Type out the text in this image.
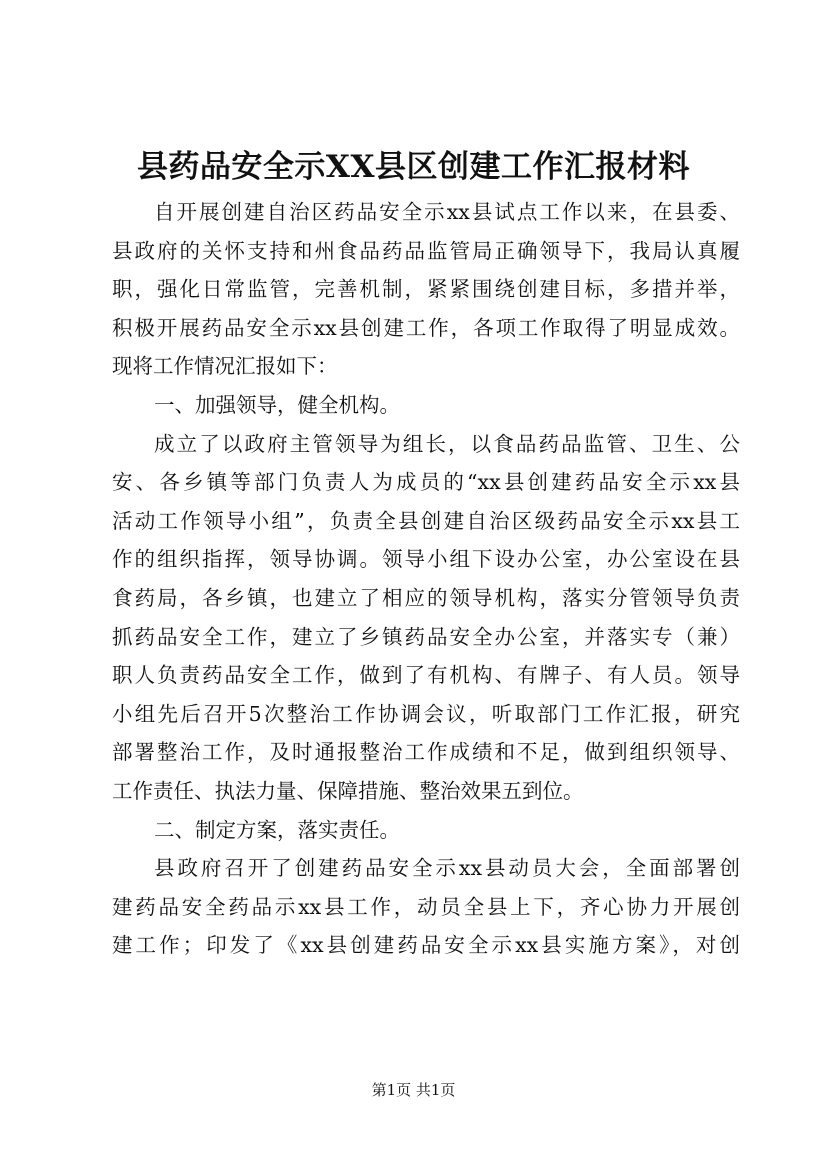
县药品安全示XX县区创建工作汇报材料
自开展创建自治区药品安全示xx县试点工作以来，在县委、
县政府的关怀支持和州食品药品监管局正确领导下，我局认真履
职，强化日常监管，完善机制，紧紧围绕创建目标，多措并举，
积极开展药品安全示xx县创建工作，各项工作取得了明显成效。
现将工作情况汇报如下：
一、加强领导，健全机构。
成立了以政府主管领导为组长，以食品药品监管、卫生、公
安、各乡镇等部门负责人为成员的“xx县创建药品安全示xx县
活动工作领导小组”，负责全县创建自治区级药品安全示xx县工
作的组织指挥，领导协调。领导小组下设办公室，办公室设在县
食药局，各乡镇，也建立了相应的领导机构，落实分管领导负责
抓药品安全工作，建立了乡镇药品安全办公室，并落实专（兼）
职人负责药品安全工作，做到了有机构、有牌子、有人员。领导
小组先后召开5次整治工作协调会议，听取部门工作汇报，研究
部署整治工作，及时通报整治工作成绩和不足，做到组织领导、
工作责任、执法力量、保障措施、整治效果五到位。
二、制定方案，落实责任。
县政府召开了创建药品安全示xx县动员大会，全面部署创
建药品安全药品示xx县工作，动员全县上下，齐心协力开展创
建工作；印发了《xx县创建药品安全示xx县实施方案》，对创
第1页 共1页
